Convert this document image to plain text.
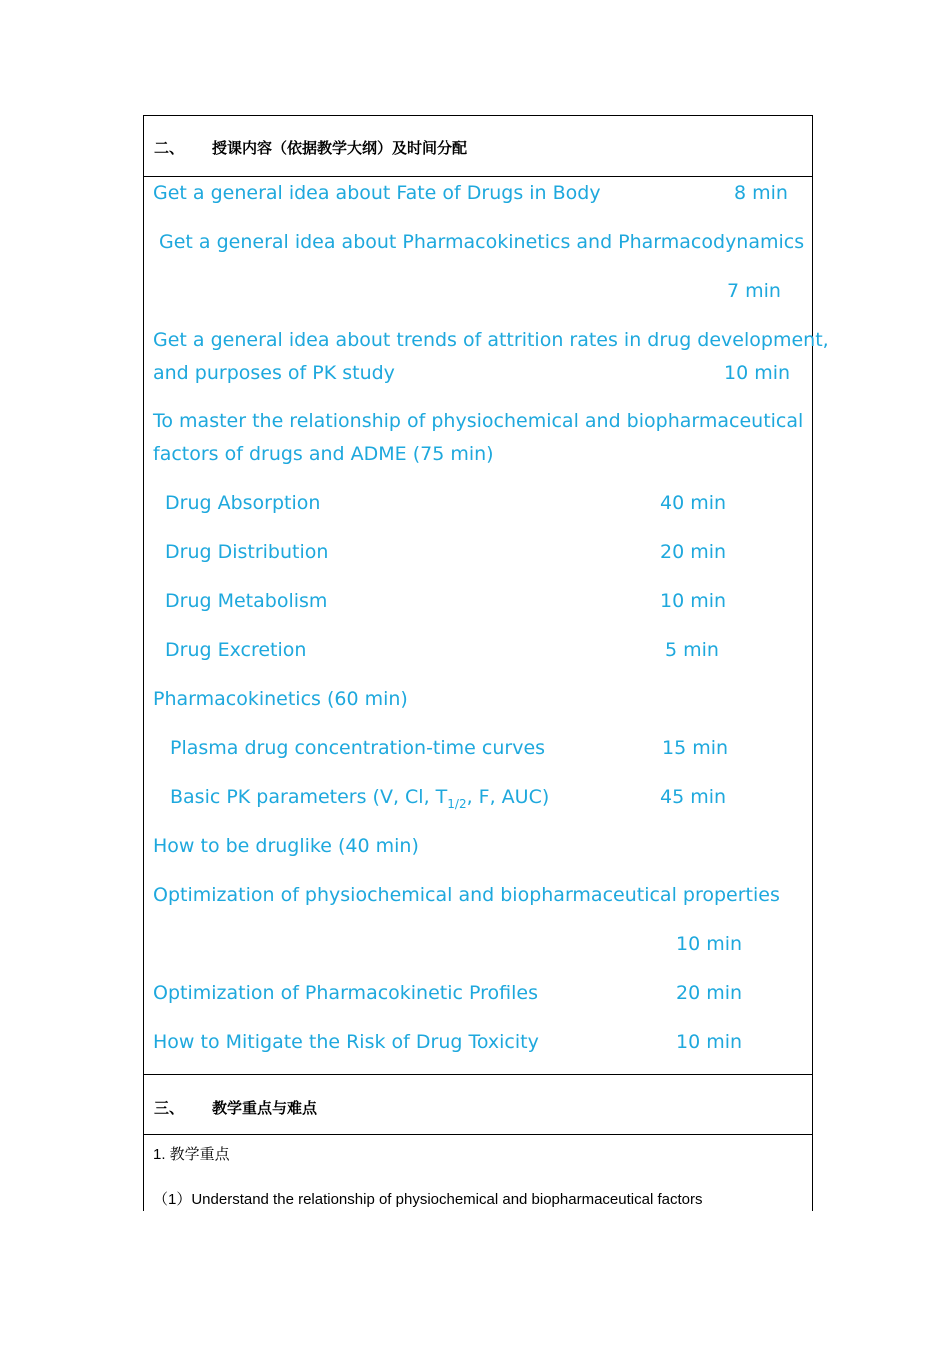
二、 授课内容（依据教学大纲）及时间分配
Get a general idea about Fate of Drugs in Body	8 min
Get a general idea about Pharmacokinetics and Pharmacodynamics
7 min
Get a general idea about trends of attrition rates in drug development,
and purposes of PK study	10 min
To master the relationship of physiochemical and biopharmaceutical
factors of drugs and ADME (75 min)
Drug Absorption	40 min
Drug Distribution	20 min
Drug Metabolism	10 min
Drug Excretion	5 min
Pharmacokinetics (60 min)
Plasma drug concentration-time curves	15 min
Basic PK parameters (V, Cl, $T_{1/2}$, F, AUC)	45 min
How to be druglike (40 min)
Optimization of physiochemical and biopharmaceutical properties
10 min
Optimization of Pharmacokinetic Profiles	20 min
How to Mitigate the Risk of Drug Toxicity	10 min
三、 教学重点与难点
1. 教学重点
（1）Understand the relationship of physiochemical and biopharmaceutical factors
